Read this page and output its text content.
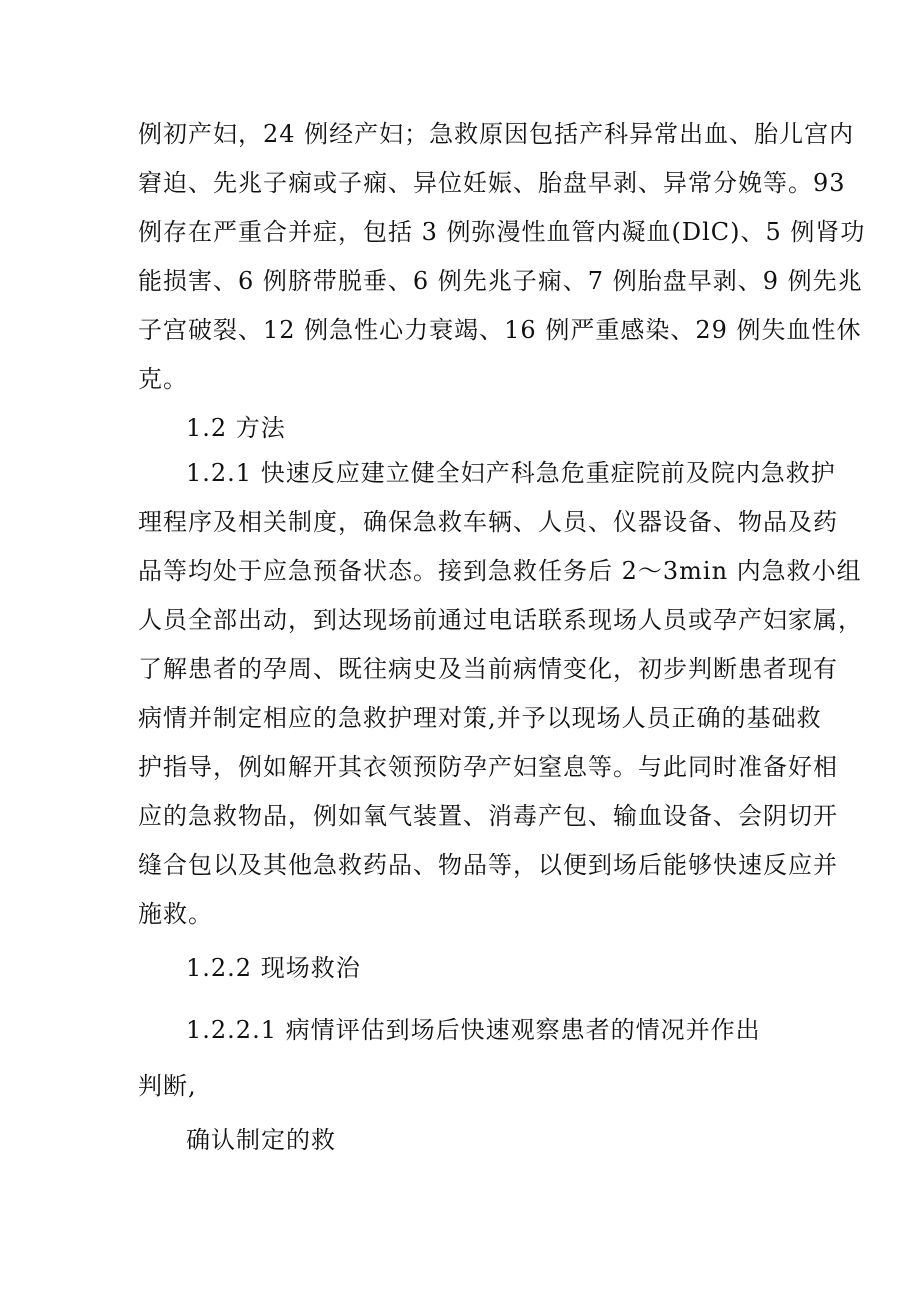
例初产妇，24 例经产妇；急救原因包括产科异常出血、胎儿宫内
窘迫、先兆子痫或子痫、异位妊娠、胎盘早剥、异常分娩等。93
例存在严重合并症，包括 3 例弥漫性血管内凝血(DlC)、5 例肾功
能损害、6 例脐带脱垂、6 例先兆子痫、7 例胎盘早剥、9 例先兆
子宫破裂、12 例急性心力衰竭、16 例严重感染、29 例失血性休
克。

1.2 方法

1.2.1 快速反应建立健全妇产科急危重症院前及院内急救护
理程序及相关制度，确保急救车辆、人员、仪器设备、物品及药
品等均处于应急预备状态。接到急救任务后 2～3min 内急救小组
人员全部出动，到达现场前通过电话联系现场人员或孕产妇家属，
了解患者的孕周、既往病史及当前病情变化，初步判断患者现有
病情并制定相应的急救护理对策,并予以现场人员正确的基础救
护指导，例如解开其衣领预防孕产妇窒息等。与此同时准备好相
应的急救物品，例如氧气装置、消毒产包、输血设备、会阴切开
缝合包以及其他急救药品、物品等，以便到场后能够快速反应并
施救。

1.2.2 现场救治

1.2.2.1 病情评估到场后快速观察患者的情况并作出

判断,

确认制定的救
